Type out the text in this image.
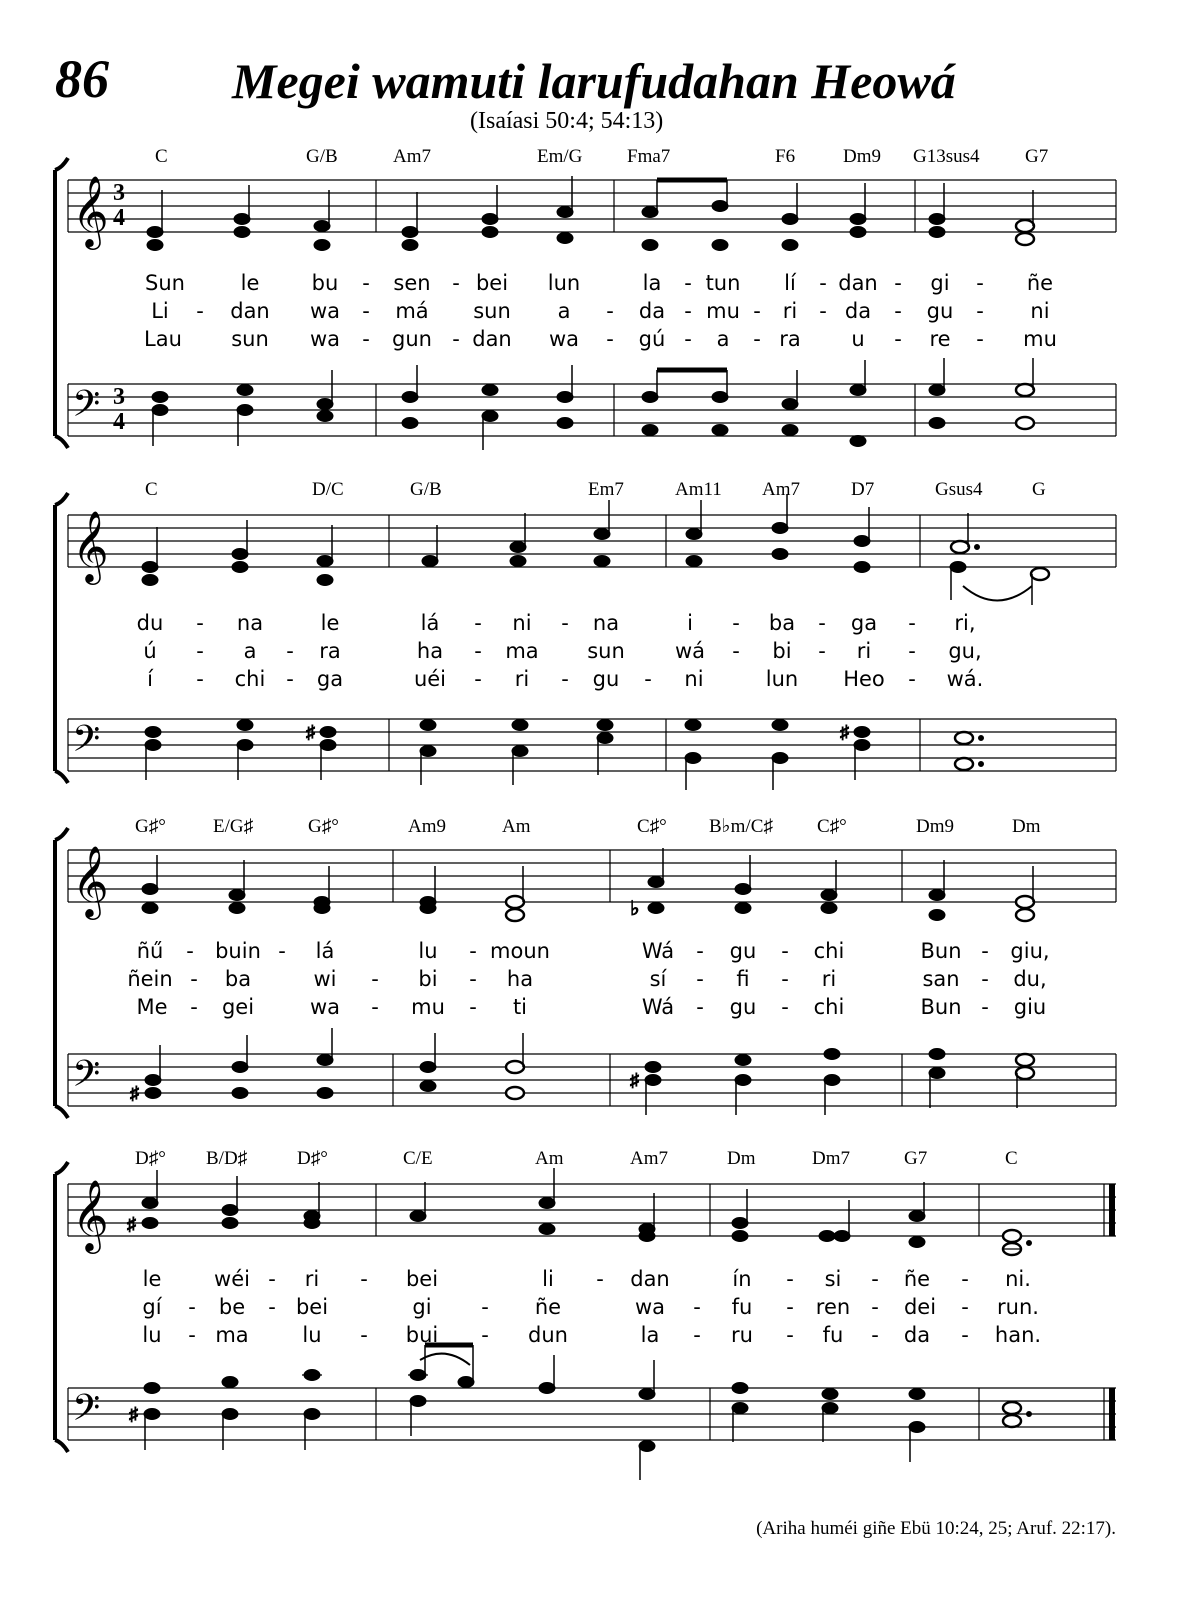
86 Megei wamuti larufudahan Heowá
(Isaíasi 50:4; 54:13)
C	G/B	Am7	Em/G Fma7	F6	Dm9 G13sus4 G7
𝄞 3
4
Sun	le bu - sen - bei lun	la - tun lí - dan - gi - ñe
Li - dan wa - má sun a - da - mu - ri - da - gu - ni
Lau sun wa - gun - dan wa - gú - a - ra u - re - mu
𝄢 3
4
C	D/C	G/B	Em7	Am11 Am7	D7	Gsus4	G
𝄞
du - na	le	lá - ni - na	i - ba - ga - ri,
ú - a - ra	ha - ma sun wá - bi - ri - gu,
í - chi - ga	uéi - ri - gu - ni	lun Heo - wá.
𝄢	♯	♯
G♯° E/G♯	G♯°	Am9	Am	C♯° B♭m/C♯ C♯°	Dm9	Dm
𝄞	♭
ñű - buin - lá	lu - moun	Wá - gu - chi	Bun - giu,
ñein - ba	wi - bi - ha	sí - fi - ri	san - du,
Me - gei	wa - mu - ti	Wá - gu - chi	Bun - giu
𝄢 ♯
♯
D♯° B/D♯	D♯°	C/E	Am	Am7	Dm	Dm7	G7	C
𝄞 ♯
le	wéi - ri - bei	li - dan	ín - si - ñe - ni.
gí - be - bei	gi - ñe	wa - fu - ren - dei - run.
lu - ma	lu - bui - dun	la - ru - fu - da - han.
𝄢 ♯
(Ariha huméi giñe Ebü 10:24, 25; Aruf. 22:17).
